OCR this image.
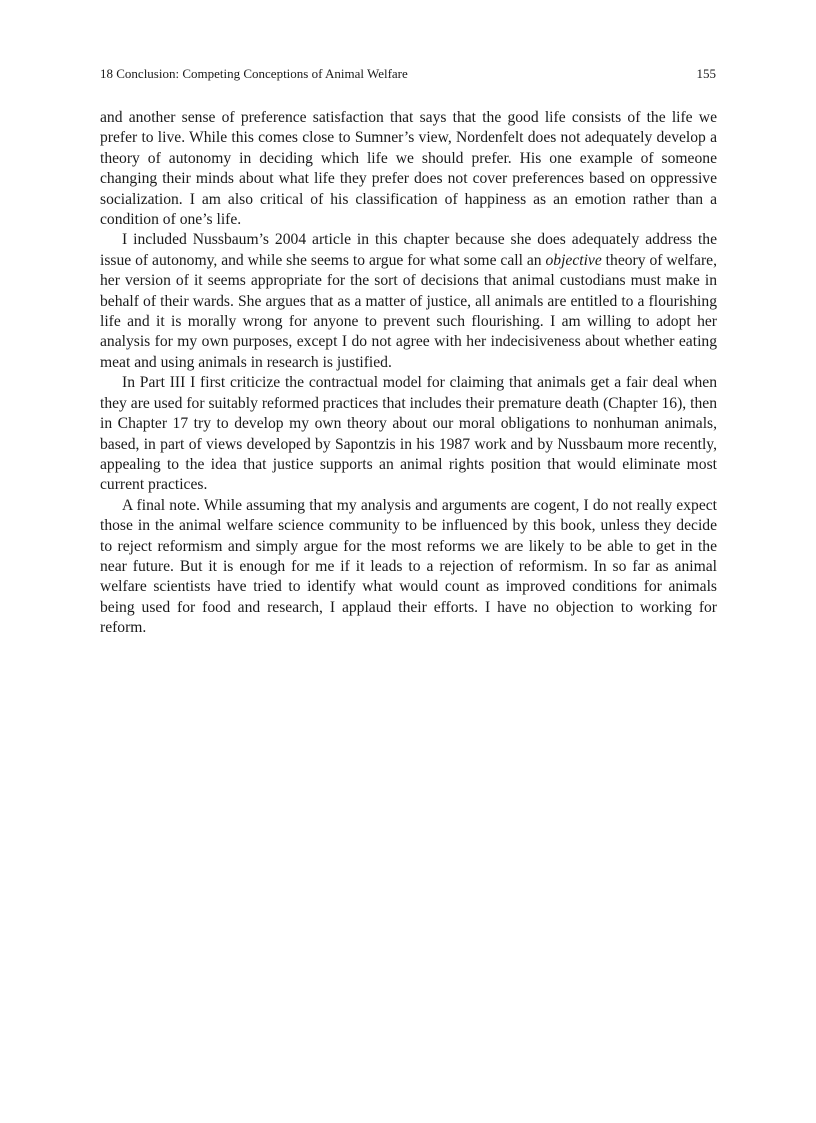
18 Conclusion: Competing Conceptions of Animal Welfare	155

and another sense of preference satisfaction that says that the good life consists of the life we prefer to live. While this comes close to Sumner’s view, Nordenfelt does not adequately develop a theory of autonomy in deciding which life we should prefer. His one example of someone changing their minds about what life they prefer does not cover preferences based on oppressive socialization. I am also critical of his classification of happiness as an emotion rather than a condition of one’s life.

I included Nussbaum’s 2004 article in this chapter because she does adequately address the issue of autonomy, and while she seems to argue for what some call an objective theory of welfare, her version of it seems appropriate for the sort of decisions that animal custodians must make in behalf of their wards. She argues that as a matter of justice, all animals are entitled to a flourishing life and it is morally wrong for anyone to prevent such flourishing. I am willing to adopt her analysis for my own purposes, except I do not agree with her indecisiveness about whether eating meat and using animals in research is justified.

In Part III I first criticize the contractual model for claiming that animals get a fair deal when they are used for suitably reformed practices that includes their premature death (Chapter 16), then in Chapter 17 try to develop my own theory about our moral obligations to nonhuman animals, based, in part of views developed by Sapontzis in his 1987 work and by Nussbaum more recently, appealing to the idea that justice supports an animal rights position that would eliminate most current practices.

A final note. While assuming that my analysis and arguments are cogent, I do not really expect those in the animal welfare science community to be influenced by this book, unless they decide to reject reformism and simply argue for the most reforms we are likely to be able to get in the near future. But it is enough for me if it leads to a rejection of reformism. In so far as animal welfare scientists have tried to identify what would count as improved conditions for animals being used for food and research, I applaud their efforts. I have no objection to working for reform.
